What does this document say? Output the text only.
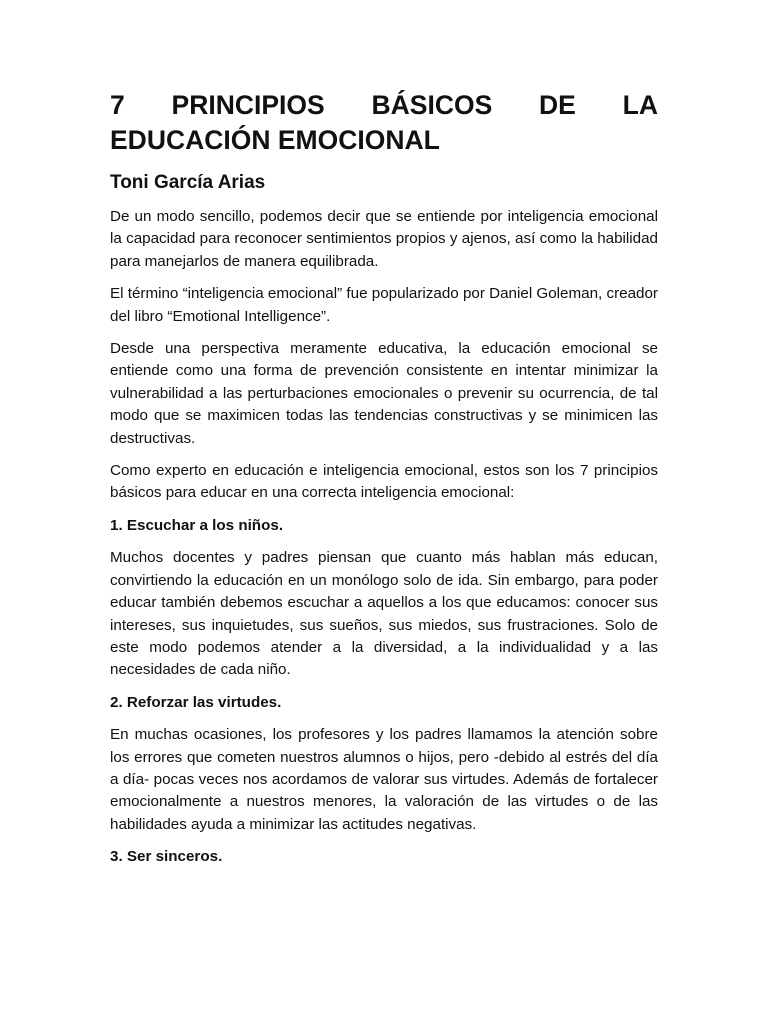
7 PRINCIPIOS BÁSICOS DE LA EDUCACIÓN EMOCIONAL
Toni García Arias

De un modo sencillo, podemos decir que se entiende por inteligencia emocional la capacidad para reconocer sentimientos propios y ajenos, así como la habilidad para manejarlos de manera equilibrada.

El término “inteligencia emocional” fue popularizado por Daniel Goleman, creador del libro “Emotional Intelligence”.

Desde una perspectiva meramente educativa, la educación emocional se entiende como una forma de prevención consistente en intentar minimizar la vulnerabilidad a las perturbaciones emocionales o prevenir su ocurrencia, de tal modo que se maximicen todas las tendencias constructivas y se minimicen las destructivas.

Como experto en educación e inteligencia emocional, estos son los 7 principios básicos para educar en una correcta inteligencia emocional:

1. Escuchar a los niños.

Muchos docentes y padres piensan que cuanto más hablan más educan, convirtiendo la educación en un monólogo solo de ida. Sin embargo, para poder educar también debemos escuchar a aquellos a los que educamos: conocer sus intereses, sus inquietudes, sus sueños, sus miedos, sus frustraciones. Solo de este modo podemos atender a la diversidad, a la individualidad y a las necesidades de cada niño.

2. Reforzar las virtudes.

En muchas ocasiones, los profesores y los padres llamamos la atención sobre los errores que cometen nuestros alumnos o hijos, pero -debido al estrés del día a día- pocas veces nos acordamos de valorar sus virtudes. Además de fortalecer emocionalmente a nuestros menores, la valoración de las virtudes o de las habilidades ayuda a minimizar las actitudes negativas.

3. Ser sinceros.
